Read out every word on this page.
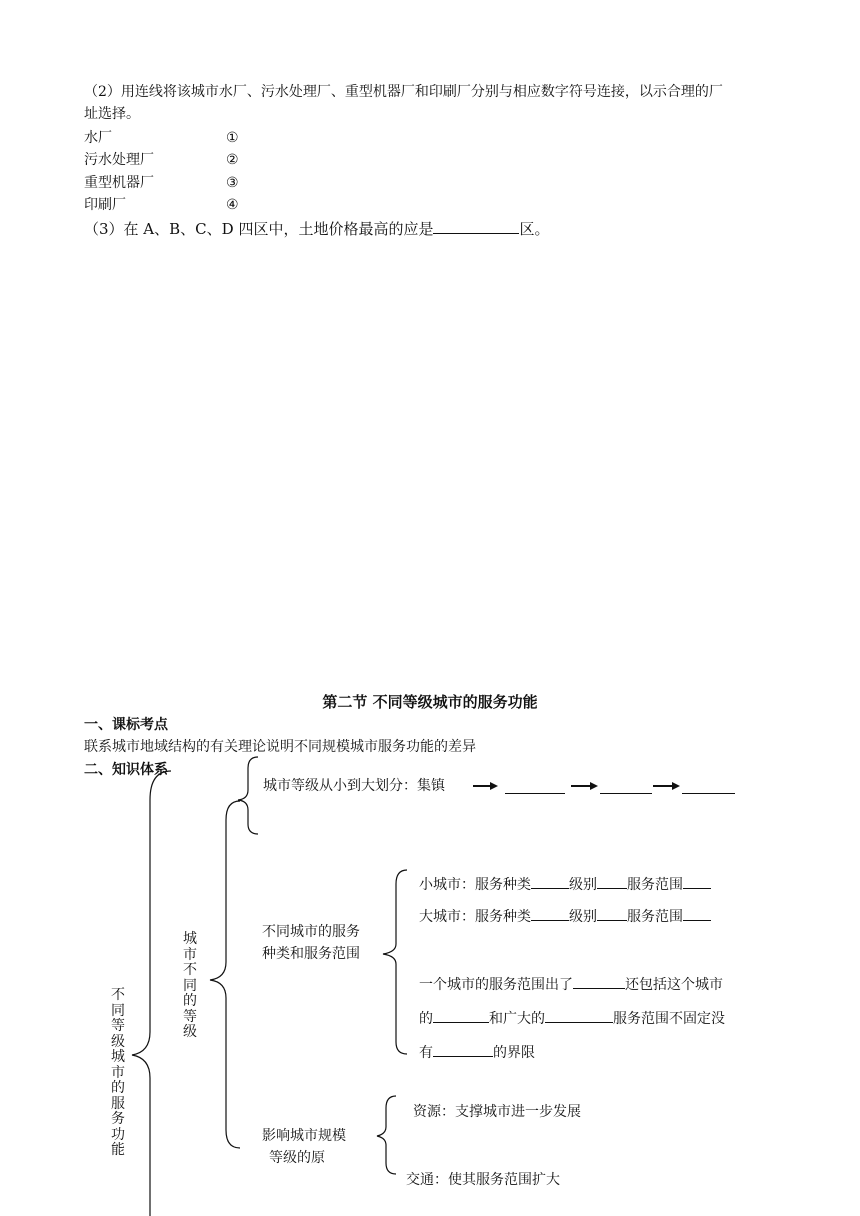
（2）用连线将该城市水厂、污水处理厂、重型机器厂和印刷厂分别与相应数字符号连接，以示合理的厂
址选择。
水厂	①
污水处理厂	②
重型机器厂	③
印刷厂	④
（3）在 A、B、C、D 四区中，土地价格最高的应是	区。
第二节 不同等级城市的服务功能
一、课标考点
联系城市地域结构的有关理论说明不同规模城市服务功能的差异
二、知识体系
不同等级城市的服务功能
城市不同的等级
城市等级从小到大划分：集镇
不同城市的服务
种类和服务范围
小城市：服务种类	级别 服务范围
大城市：服务种类	级别 服务范围
一个城市的服务范围出了	还包括这个城市
的	和广大的	服务范围不固定没
有	的界限
影响城市规模
等级的原
资源：支撑城市进一步发展
交通：使其服务范围扩大
